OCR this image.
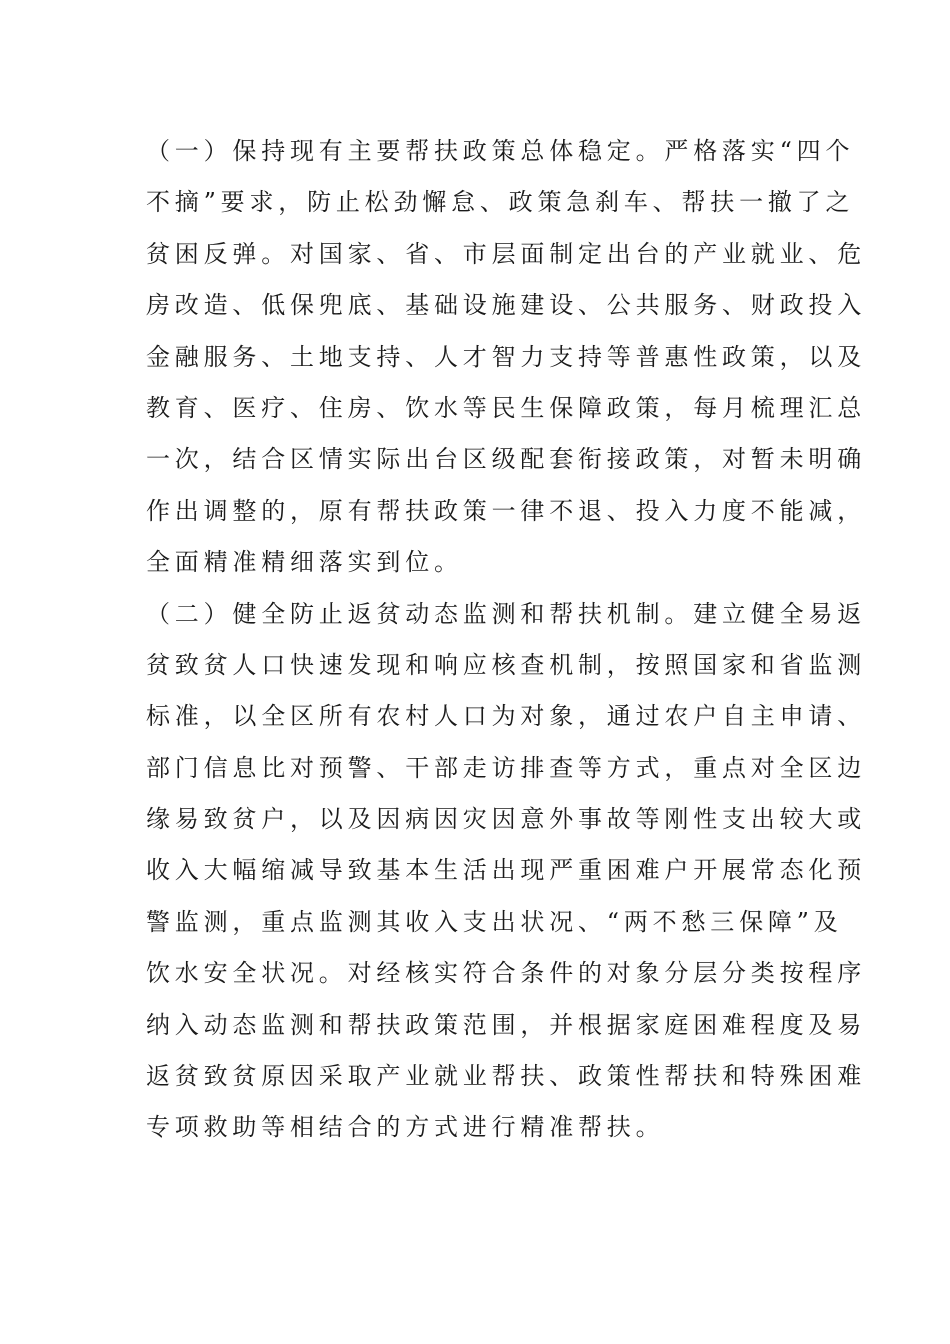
（一）保持现有主要帮扶政策总体稳定。严格落实“四个
不摘”要求，防止松劲懈怠、政策急刹车、帮扶一撤了之
贫困反弹。对国家、省、市层面制定出台的产业就业、危
房改造、低保兜底、基础设施建设、公共服务、财政投入
金融服务、土地支持、人才智力支持等普惠性政策，以及
教育、医疗、住房、饮水等民生保障政策，每月梳理汇总
一次，结合区情实际出台区级配套衔接政策，对暂未明确
作出调整的，原有帮扶政策一律不退、投入力度不能减，
全面精准精细落实到位。
（二）健全防止返贫动态监测和帮扶机制。建立健全易返
贫致贫人口快速发现和响应核查机制，按照国家和省监测
标准，以全区所有农村人口为对象，通过农户自主申请、
部门信息比对预警、干部走访排查等方式，重点对全区边
缘易致贫户，以及因病因灾因意外事故等刚性支出较大或
收入大幅缩减导致基本生活出现严重困难户开展常态化预
警监测，重点监测其收入支出状况、“两不愁三保障”及
饮水安全状况。对经核实符合条件的对象分层分类按程序
纳入动态监测和帮扶政策范围，并根据家庭困难程度及易
返贫致贫原因采取产业就业帮扶、政策性帮扶和特殊困难
专项救助等相结合的方式进行精准帮扶。
